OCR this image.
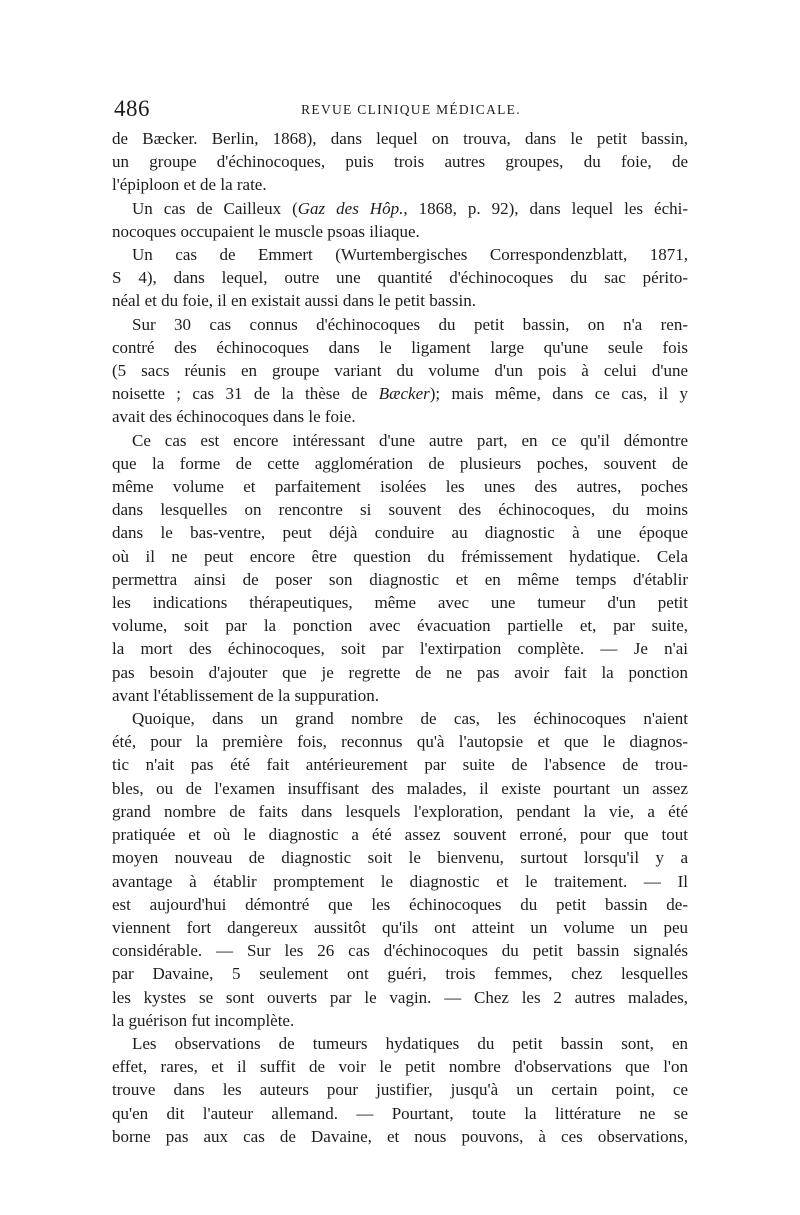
486	REVUE CLINIQUE MÉDICALE.
de Bæcker. Berlin, 1868), dans lequel on trouva, dans le petit bassin,
un groupe d'échinocoques, puis trois autres groupes, du foie, de
l'épiploon et de la rate.
Un cas de Cailleux (Gaz des Hôp., 1868, p. 92), dans lequel les échi-
nocoques occupaient le muscle psoas iliaque.
Un cas de Emmert (Wurtembergisches Correspondenzblatt, 1871,
S 4), dans lequel, outre une quantité d'échinocoques du sac périto-
néal et du foie, il en existait aussi dans le petit bassin.
Sur 30 cas connus d'échinocoques du petit bassin, on n'a ren-
contré des échinocoques dans le ligament large qu'une seule fois
(5 sacs réunis en groupe variant du volume d'un pois à celui d'une
noisette ; cas 31 de la thèse de Bæcker); mais même, dans ce cas, il y
avait des échinocoques dans le foie.
Ce cas est encore intéressant d'une autre part, en ce qu'il démontre
que la forme de cette agglomération de plusieurs poches, souvent de
même volume et parfaitement isolées les unes des autres, poches
dans lesquelles on rencontre si souvent des échinocoques, du moins
dans le bas-ventre, peut déjà conduire au diagnostic à une époque
où il ne peut encore être question du frémissement hydatique. Cela
permettra ainsi de poser son diagnostic et en même temps d'établir
les indications thérapeutiques, même avec une tumeur d'un petit
volume, soit par la ponction avec évacuation partielle et, par suite,
la mort des échinocoques, soit par l'extirpation complète. — Je n'ai
pas besoin d'ajouter que je regrette de ne pas avoir fait la ponction
avant l'établissement de la suppuration.
Quoique, dans un grand nombre de cas, les échinocoques n'aient
été, pour la première fois, reconnus qu'à l'autopsie et que le diagnos-
tic n'ait pas été fait antérieurement par suite de l'absence de trou-
bles, ou de l'examen insuffisant des malades, il existe pourtant un assez
grand nombre de faits dans lesquels l'exploration, pendant la vie, a été
pratiquée et où le diagnostic a été assez souvent erroné, pour que tout
moyen nouveau de diagnostic soit le bienvenu, surtout lorsqu'il y a
avantage à établir promptement le diagnostic et le traitement. — Il
est aujourd'hui démontré que les échinocoques du petit bassin de-
viennent fort dangereux aussitôt qu'ils ont atteint un volume un peu
considérable. — Sur les 26 cas d'échinocoques du petit bassin signalés
par Davaine, 5 seulement ont guéri, trois femmes, chez lesquelles
les kystes se sont ouverts par le vagin. — Chez les 2 autres malades,
la guérison fut incomplète.
Les observations de tumeurs hydatiques du petit bassin sont, en
effet, rares, et il suffit de voir le petit nombre d'observations que l'on
trouve dans les auteurs pour justifier, jusqu'à un certain point, ce
qu'en dit l'auteur allemand. — Pourtant, toute la littérature ne se
borne pas aux cas de Davaine, et nous pouvons, à ces observations,
